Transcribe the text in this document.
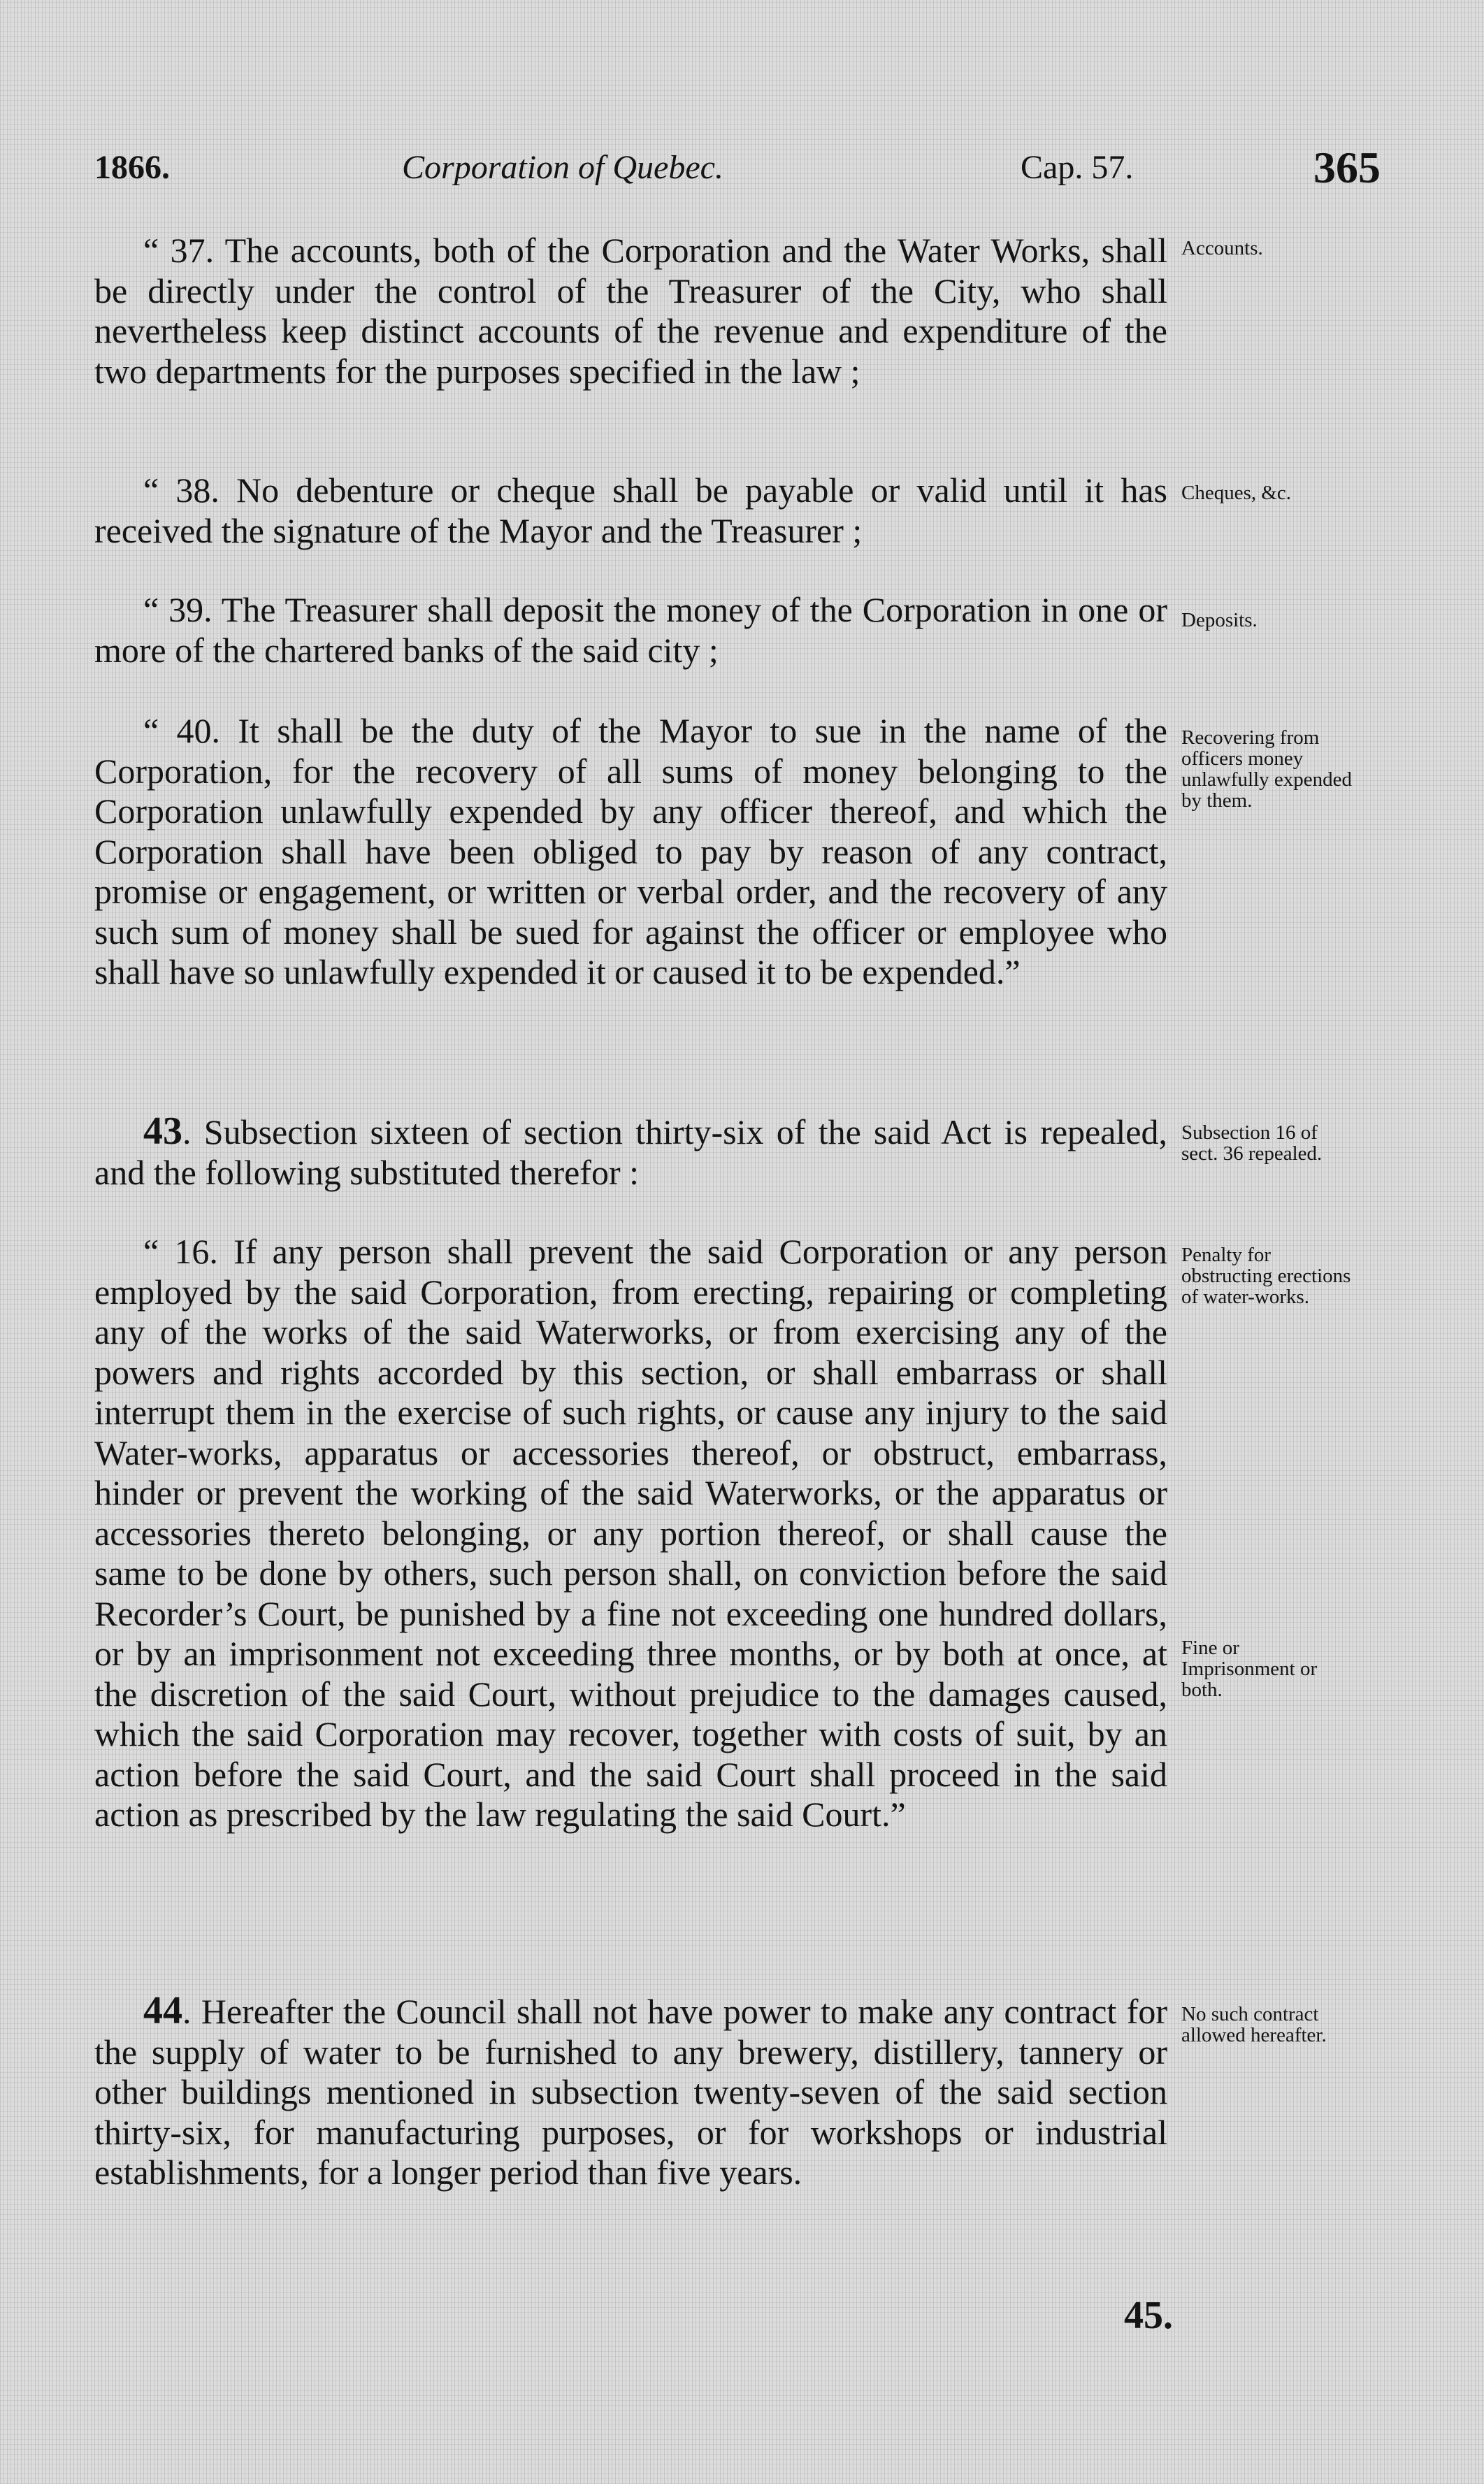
1866.	Corporation of Quebec.	Cap. 57.	365

“ 37. The accounts, both of the Corporation and the Water Works, shall be directly under the control of the Treasurer of the City, who shall nevertheless keep distinct accounts of the revenue and expenditure of the two departments for the purposes specified in the law ;

Accounts.

“ 38. No debenture or cheque shall be payable or valid until it has received the signature of the Mayor and the Treasurer ;

Cheques, &c.

“ 39. The Treasurer shall deposit the money of the Corporation in one or more of the chartered banks of the said city ;

Deposits.

“ 40. It shall be the duty of the Mayor to sue in the name of the Corporation, for the recovery of all sums of money belonging to the Corporation unlawfully expended by any officer thereof, and which the Corporation shall have been obliged to pay by reason of any contract, promise or engagement, or written or verbal order, and the recovery of any such sum of money shall be sued for against the officer or employee who shall have so unlawfully expended it or caused it to be expended.”

Recovering from officers money unlawfully expended by them.

43. Subsection sixteen of section thirty-six of the said Act is repealed, and the following substituted therefor :

Subsection 16 of sect. 36 repealed.

“ 16. If any person shall prevent the said Corporation or any person employed by the said Corporation, from erecting, repairing or completing any of the works of the said Waterworks, or from exercising any of the powers and rights accorded by this section, or shall embarrass or shall interrupt them in the exercise of such rights, or cause any injury to the said Water-works, apparatus or accessories thereof, or obstruct, embarrass, hinder or prevent the working of the said Waterworks, or the apparatus or accessories thereto belonging, or any portion thereof, or shall cause the same to be done by others, such person shall, on conviction before the said Recorder’s Court, be punished by a fine not exceeding one hundred dollars, or by an imprisonment not exceeding three months, or by both at once, at the discretion of the said Court, without prejudice to the damages caused, which the said Corporation may recover, together with costs of suit, by an action before the said Court, and the said Court shall proceed in the said action as prescribed by the law regulating the said Court.”

Penalty for obstructing erections of water-works.

Fine or Imprisonment or both.

44. Hereafter the Council shall not have power to make any contract for the supply of water to be furnished to any brewery, distillery, tannery or other buildings mentioned in subsection twenty-seven of the said section thirty-six, for manufacturing purposes, or for workshops or industrial establishments, for a longer period than five years.

No such contract allowed hereafter.

45.
